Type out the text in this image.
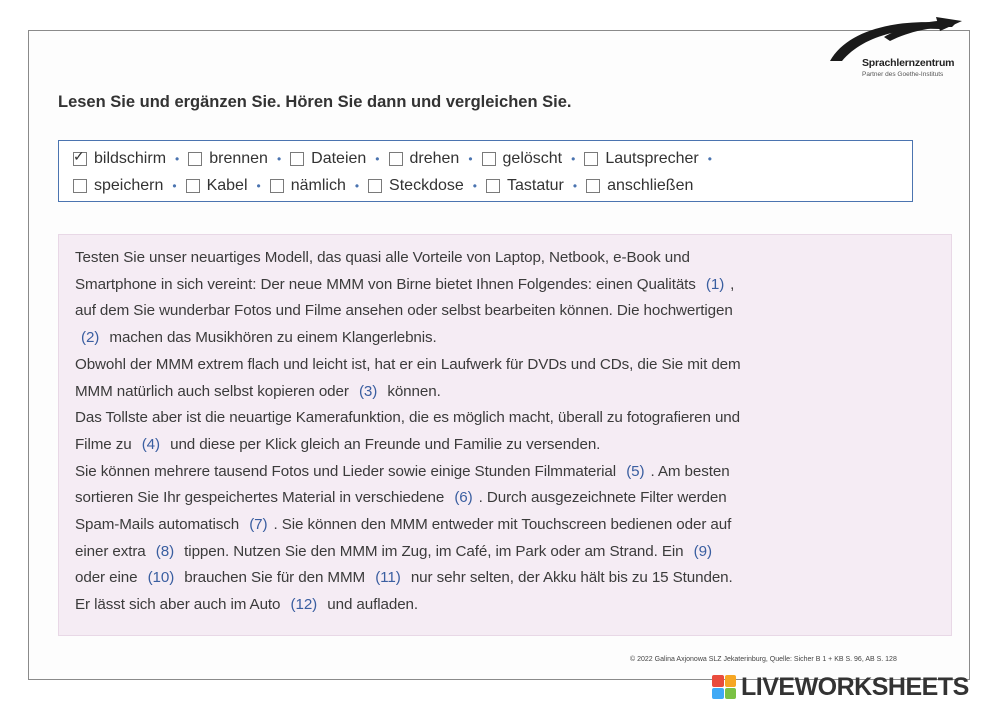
Sprachlernzentrum
Partner des Goethe-Instituts
Lesen Sie und ergänzen Sie. Hören Sie dann und vergleichen Sie.
✓ bildschirm • brennen • Dateien • drehen • gelöscht • Lautsprecher •
speichern • Kabel • nämlich • Steckdose • Tastatur • anschließen
Testen Sie unser neuartiges Modell, das quasi alle Vorteile von Laptop, Netbook, e-Book und
Smartphone in sich vereint: Der neue MMM von Birne bietet Ihnen Folgendes: einen Qualitäts (1) ,
auf dem Sie wunderbar Fotos und Filme ansehen oder selbst bearbeiten können. Die hochwertigen
(2) machen das Musikhören zu einem Klangerlebnis.
Obwohl der MMM extrem flach und leicht ist, hat er ein Laufwerk für DVDs und CDs, die Sie mit dem
MMM natürlich auch selbst kopieren oder (3) können.
Das Tollste aber ist die neuartige Kamerafunktion, die es möglich macht, überall zu fotografieren und
Filme zu (4) und diese per Klick gleich an Freunde und Familie zu versenden.
Sie können mehrere tausend Fotos und Lieder sowie einige Stunden Filmmaterial (5) . Am besten
sortieren Sie Ihr gespeichertes Material in verschiedene (6) . Durch ausgezeichnete Filter werden
Spam-Mails automatisch (7) . Sie können den MMM entweder mit Touchscreen bedienen oder auf
einer extra (8) tippen. Nutzen Sie den MMM im Zug, im Café, im Park oder am Strand. Ein (9)
oder eine (10) brauchen Sie für den MMM (11) nur sehr selten, der Akku hält bis zu 15 Stunden.
Er lässt sich aber auch im Auto (12) und aufladen.
© 2022 Galina Axjonowa SLZ Jekaterinburg, Quelle: Sicher B 1 + KB S. 96, AB S. 128
LIVEWORKSHEETS
